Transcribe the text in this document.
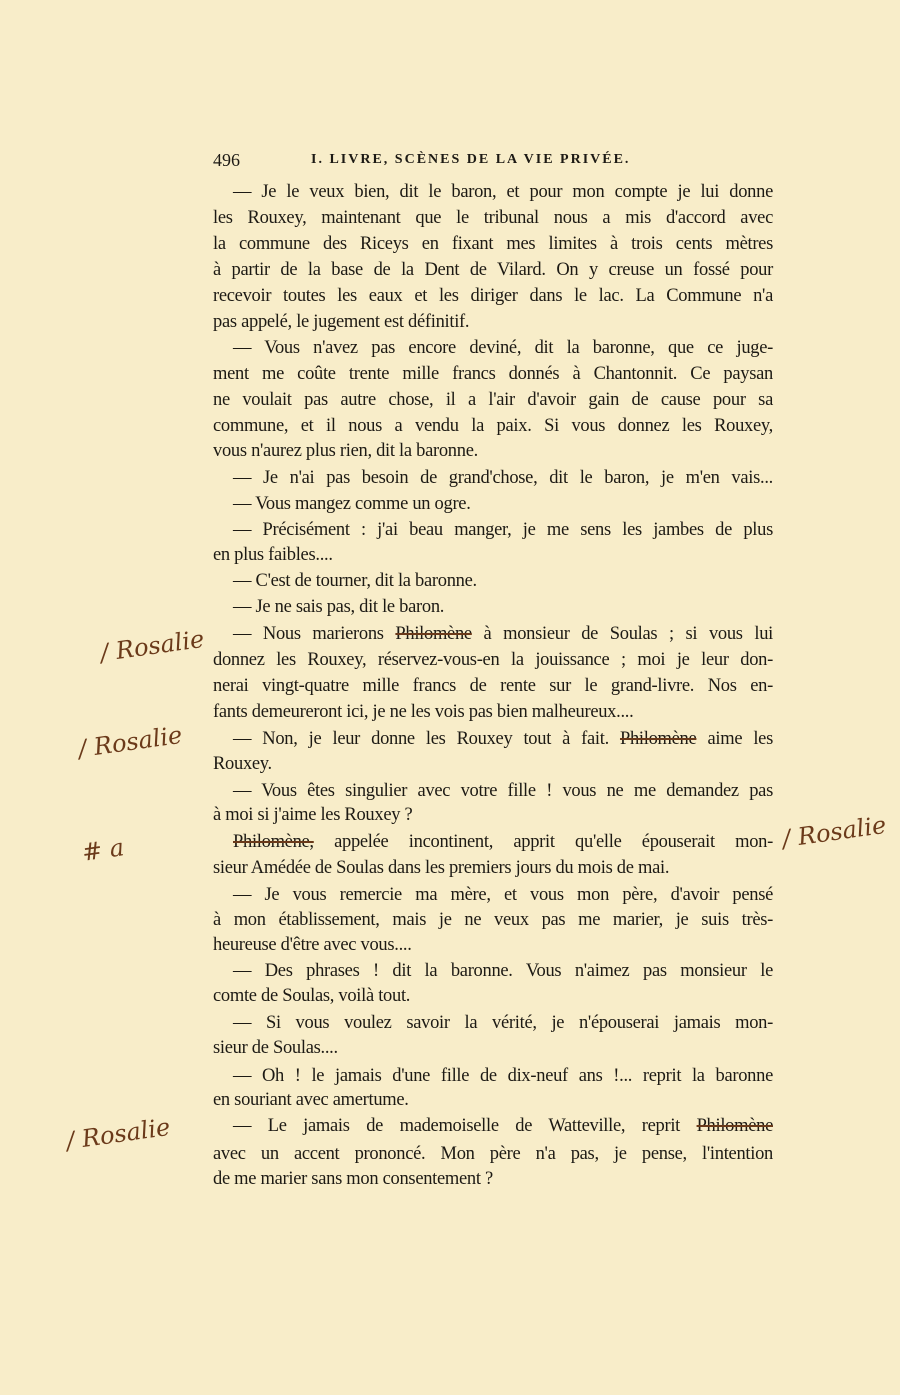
496	I. LIVRE, SCÈNES DE LA VIE PRIVÉE.
— Je le veux bien, dit le baron, et pour mon compte je lui donne
les Rouxey, maintenant que le tribunal nous a mis d'accord avec
la commune des Riceys en fixant mes limites à trois cents mètres
à partir de la base de la Dent de Vilard. On y creuse un fossé pour
recevoir toutes les eaux et les diriger dans le lac. La Commune n'a
pas appelé, le jugement est définitif.
— Vous n'avez pas encore deviné, dit la baronne, que ce juge-
ment me coûte trente mille francs donnés à Chantonnit. Ce paysan
ne voulait pas autre chose, il a l'air d'avoir gain de cause pour sa
commune, et il nous a vendu la paix. Si vous donnez les Rouxey,
vous n'aurez plus rien, dit la baronne.
— Je n'ai pas besoin de grand'chose, dit le baron, je m'en vais...
— Vous mangez comme un ogre.
— Précisément : j'ai beau manger, je me sens les jambes de plus
en plus faibles....
— C'est de tourner, dit la baronne.
— Je ne sais pas, dit le baron.
— Nous marierons Philomène à monsieur de Soulas ; si vous lui
donnez les Rouxey, réservez-vous-en la jouissance ; moi je leur don-
nerai vingt-quatre mille francs de rente sur le grand-livre. Nos en-
fants demeureront ici, je ne les vois pas bien malheureux....
— Non, je leur donne les Rouxey tout à fait. Philomène aime les
Rouxey.
— Vous êtes singulier avec votre fille ! vous ne me demandez pas
à moi si j'aime les Rouxey ?
Philomène, appelée incontinent, apprit qu'elle épouserait mon-
sieur Amédée de Soulas dans les premiers jours du mois de mai.
— Je vous remercie ma mère, et vous mon père, d'avoir pensé
à mon établissement, mais je ne veux pas me marier, je suis très-
heureuse d'être avec vous....
— Des phrases ! dit la baronne. Vous n'aimez pas monsieur le
comte de Soulas, voilà tout.
— Si vous voulez savoir la vérité, je n'épouserai jamais mon-
sieur de Soulas....
— Oh ! le jamais d'une fille de dix-neuf ans !... reprit la baronne
en souriant avec amertume.
— Le jamais de mademoiselle de Watteville, reprit Philomène
avec un accent prononcé. Mon père n'a pas, je pense, l'intention
de me marier sans mon consentement ?
/ Rosalie
/ Rosalie
# a	/ Rosalie
/ Rosalie
